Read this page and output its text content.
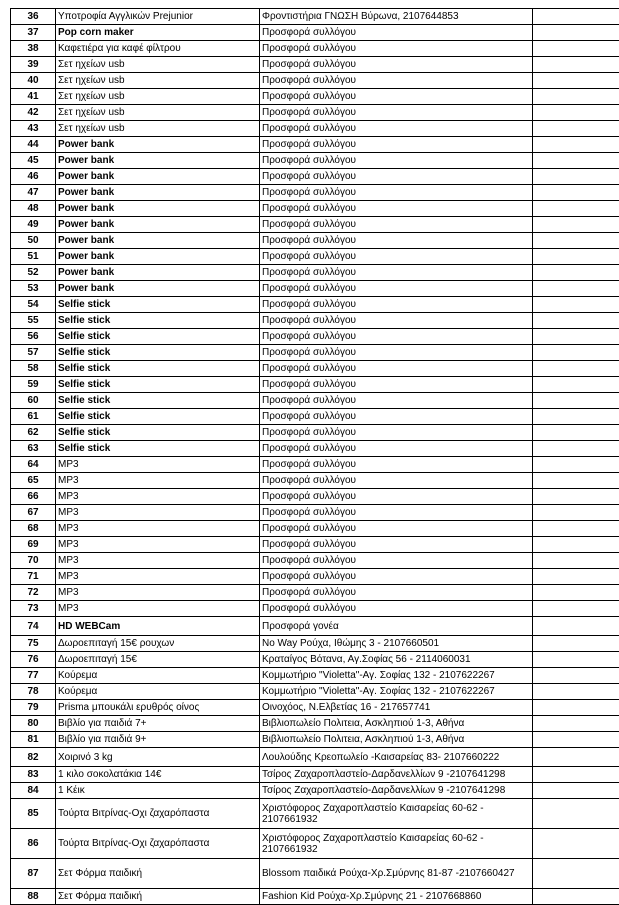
36	Υποτροφία Αγγλικών Prejunior	Φροντιστήρια ΓΝΩΣΗ Βύρωνα, 2107644853	
37	Pop corn maker	Προσφορά συλλόγου	
38	Καφετιέρα για καφέ φίλτρου	Προσφορά συλλόγου	
39	Σετ ηχείων usb	Προσφορά συλλόγου	
40	Σετ ηχείων usb	Προσφορά συλλόγου	
41	Σετ ηχείων usb	Προσφορά συλλόγου	
42	Σετ ηχείων usb	Προσφορά συλλόγου	
43	Σετ ηχείων usb	Προσφορά συλλόγου	
44	Power bank	Προσφορά συλλόγου	
45	Power bank	Προσφορά συλλόγου	
46	Power bank	Προσφορά συλλόγου	
47	Power bank	Προσφορά συλλόγου	
48	Power bank	Προσφορά συλλόγου	
49	Power bank	Προσφορά συλλόγου	
50	Power bank	Προσφορά συλλόγου	
51	Power bank	Προσφορά συλλόγου	
52	Power bank	Προσφορά συλλόγου	
53	Power bank	Προσφορά συλλόγου	
54	Selfie stick	Προσφορά συλλόγου	
55	Selfie stick	Προσφορά συλλόγου	
56	Selfie stick	Προσφορά συλλόγου	
57	Selfie stick	Προσφορά συλλόγου	
58	Selfie stick	Προσφορά συλλόγου	
59	Selfie stick	Προσφορά συλλόγου	
60	Selfie stick	Προσφορά συλλόγου	
61	Selfie stick	Προσφορά συλλόγου	
62	Selfie stick	Προσφορά συλλόγου	
63	Selfie stick	Προσφορά συλλόγου	
64	MP3	Προσφορά συλλόγου	
65	MP3	Προσφορά συλλόγου	
66	MP3	Προσφορά συλλόγου	
67	MP3	Προσφορά συλλόγου	
68	MP3	Προσφορά συλλόγου	
69	MP3	Προσφορά συλλόγου	
70	MP3	Προσφορά συλλόγου	
71	MP3	Προσφορά συλλόγου	
72	MP3	Προσφορά συλλόγου	
73	MP3	Προσφορά συλλόγου	
74	HD WEBCam	Προσφορά γονέα	
75	Δωροεπιταγή 15€ ρουχων	No Way Ρούχα, Ιθώμης 3 - 2107660501	
76	Δωροεπιταγή 15€	Κραταίγος Βότανα, Αγ.Σοφίας 56 - 2114060031	
77	Κούρεμα	Κομμωτήριο "Violetta"-Αγ. Σοφίας 132 - 2107622267	
78	Κούρεμα	Κομμωτήριο "Violetta"-Αγ. Σοφίας 132 - 2107622267	
79	Prisma μπουκάλι ερυθρός οίνος	Οινοχόος, Ν.Ελβετίας 16 - 217657741	
80	Βιβλίο για παιδιά 7+	Βιβλιοπωλείο Πολιτεια, Ασκληπιού 1-3, Αθήνα	
81	Βιβλίο για παιδιά 9+	Βιβλιοπωλείο Πολιτεια, Ασκληπιού 1-3, Αθήνα	
82	Χοιρινό 3 kg	Λουλούδης Κρεοπωλείο -Καισαρείας 83- 2107660222	
83	1 κιλο σοκολατάκια 14€	Τσίρος Ζαχαροπλαστείο-Δαρδανελλίων 9 -2107641298	
84	1 Κέικ	Τσίρος Ζαχαροπλαστείο-Δαρδανελλίων 9 -2107641298	
85	Τούρτα Βιτρίνας-Οχι ζαχαρόπαστα	Χριστόφορος Ζαχαροπλαστείο Καισαρείας 60-62 - 2107661932	
86	Τούρτα Βιτρίνας-Οχι ζαχαρόπαστα	Χριστόφορος Ζαχαροπλαστείο Καισαρείας 60-62 - 2107661932	
87	Σετ Φόρμα παιδική	Blossom παιδικά Ρούχα-Χρ.Σμύρνης 81-87 -2107660427	
88	Σετ Φόρμα παιδική	Fashion Kid Ρούχα-Χρ.Σμύρνης 21 - 2107668860	
